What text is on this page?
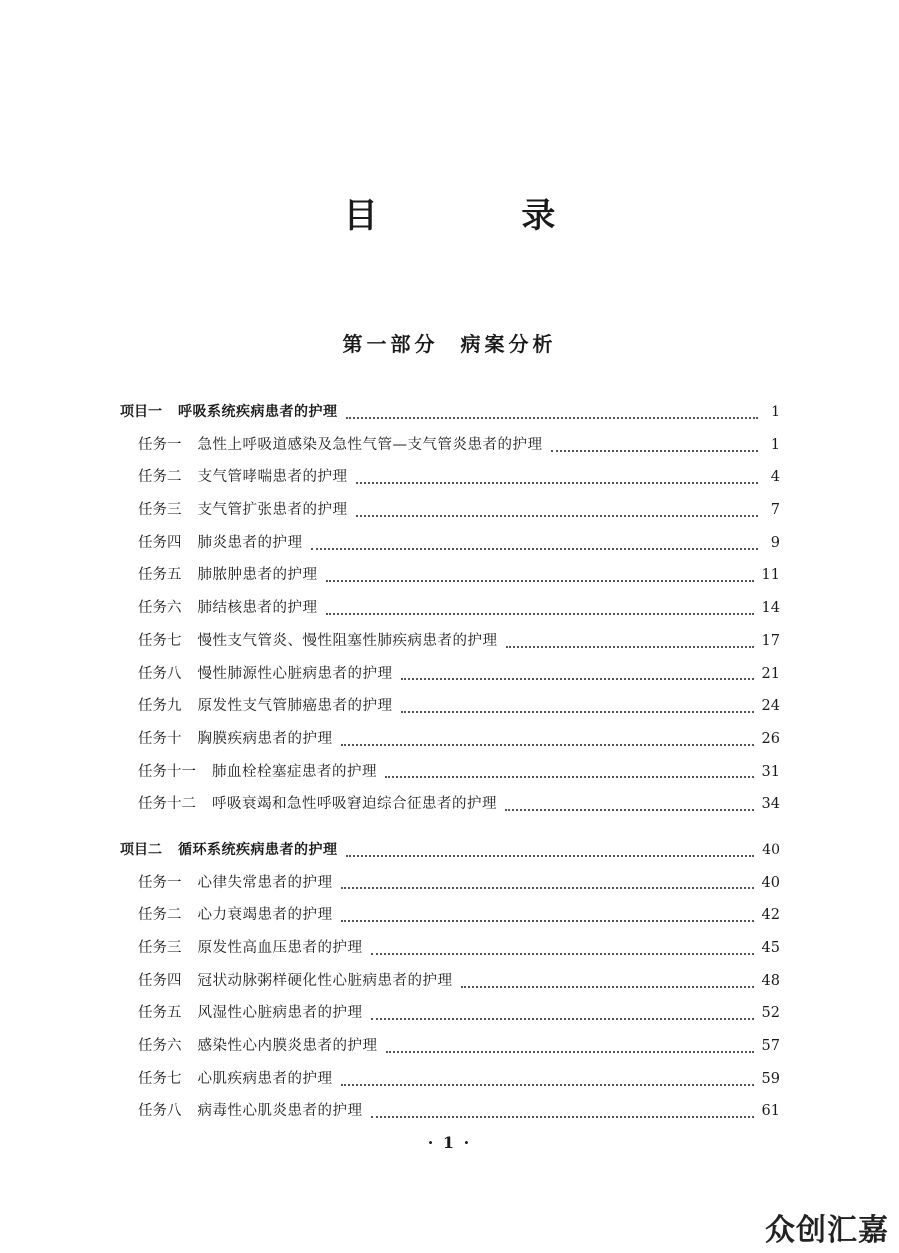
目 录
第一部分 病案分析
项目一 呼吸系统疾病患者的护理	1
任务一 急性上呼吸道感染及急性气管—支气管炎患者的护理	1
任务二 支气管哮喘患者的护理	4
任务三 支气管扩张患者的护理	7
任务四 肺炎患者的护理	9
任务五 肺脓肿患者的护理	11
任务六 肺结核患者的护理	14
任务七 慢性支气管炎、慢性阻塞性肺疾病患者的护理	17
任务八 慢性肺源性心脏病患者的护理	21
任务九 原发性支气管肺癌患者的护理	24
任务十 胸膜疾病患者的护理	26
任务十一 肺血栓栓塞症患者的护理	31
任务十二 呼吸衰竭和急性呼吸窘迫综合征患者的护理	34
项目二 循环系统疾病患者的护理	40
任务一 心律失常患者的护理	40
任务二 心力衰竭患者的护理	42
任务三 原发性高血压患者的护理	45
任务四 冠状动脉粥样硬化性心脏病患者的护理	48
任务五 风湿性心脏病患者的护理	52
任务六 感染性心内膜炎患者的护理	57
任务七 心肌疾病患者的护理	59
任务八 病毒性心肌炎患者的护理	61
· 1 ·
众创汇嘉
